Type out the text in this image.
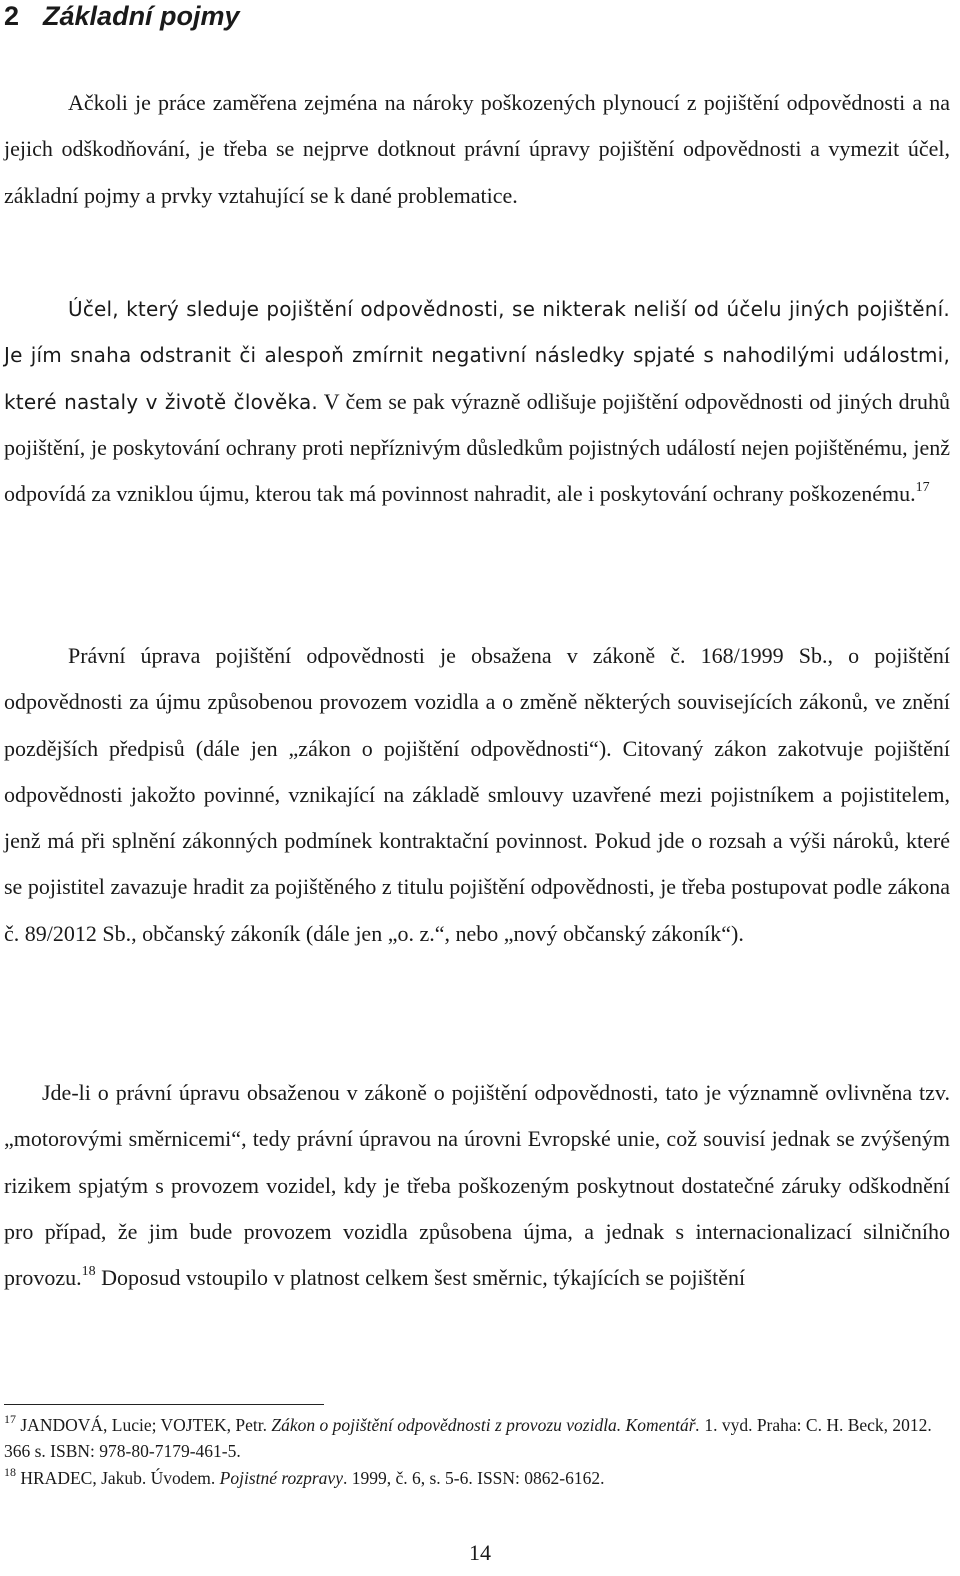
2 Základní pojmy

Ačkoli je práce zaměřena zejména na nároky poškozených plynoucí z pojištění odpovědnosti a na jejich odškodňování, je třeba se nejprve dotknout právní úpravy pojištění odpovědnosti a vymezit účel, základní pojmy a prvky vztahující se k dané problematice.

Účel, který sleduje pojištění odpovědnosti, se nikterak neliší od účelu jiných pojištění. Je jím snaha odstranit či alespoň zmírnit negativní následky spjaté s nahodilými událostmi, které nastaly v životě člověka. V čem se pak výrazně odlišuje pojištění odpovědnosti od jiných druhů pojištění, je poskytování ochrany proti nepříznivým důsledkům pojistných událostí nejen pojištěnému, jenž odpovídá za vzniklou újmu, kterou tak má povinnost nahradit, ale i poskytování ochrany poškozenému.$^{17}$

Právní úprava pojištění odpovědnosti je obsažena v zákoně č. 168/1999 Sb., o pojištění odpovědnosti za újmu způsobenou provozem vozidla a o změně některých souvisejících zákonů, ve znění pozdějších předpisů (dále jen „zákon o pojištění odpovědnosti“). Citovaný zákon zakotvuje pojištění odpovědnosti jakožto povinné, vznikající na základě smlouvy uzavřené mezi pojistníkem a pojistitelem, jenž má při splnění zákonných podmínek kontraktační povinnost. Pokud jde o rozsah a výši nároků, které se pojistitel zavazuje hradit za pojištěného z titulu pojištění odpovědnosti, je třeba postupovat podle zákona č. 89/2012 Sb., občanský zákoník (dále jen „o. z.“, nebo „nový občanský zákoník“).

Jde-li o právní úpravu obsaženou v zákoně o pojištění odpovědnosti, tato je významně ovlivněna tzv. „motorovými směrnicemi“, tedy právní úpravou na úrovni Evropské unie, což souvisí jednak se zvýšeným rizikem spjatým s provozem vozidel, kdy je třeba poškozeným poskytnout dostatečné záruky odškodnění pro případ, že jim bude provozem vozidla způsobena újma, a jednak s internacionalizací silničního provozu.$^{18}$ Doposud vstoupilo v platnost celkem šest směrnic, týkajících se pojištění

$^{17}$ JANDOVÁ, Lucie; VOJTEK, Petr. Zákon o pojištění odpovědnosti z provozu vozidla. Komentář. 1. vyd. Praha: C. H. Beck, 2012. 366 s. ISBN: 978-80-7179-461-5.

$^{18}$ HRADEC, Jakub. Úvodem. Pojistné rozpravy. 1999, č. 6, s. 5-6. ISSN: 0862-6162.

14
